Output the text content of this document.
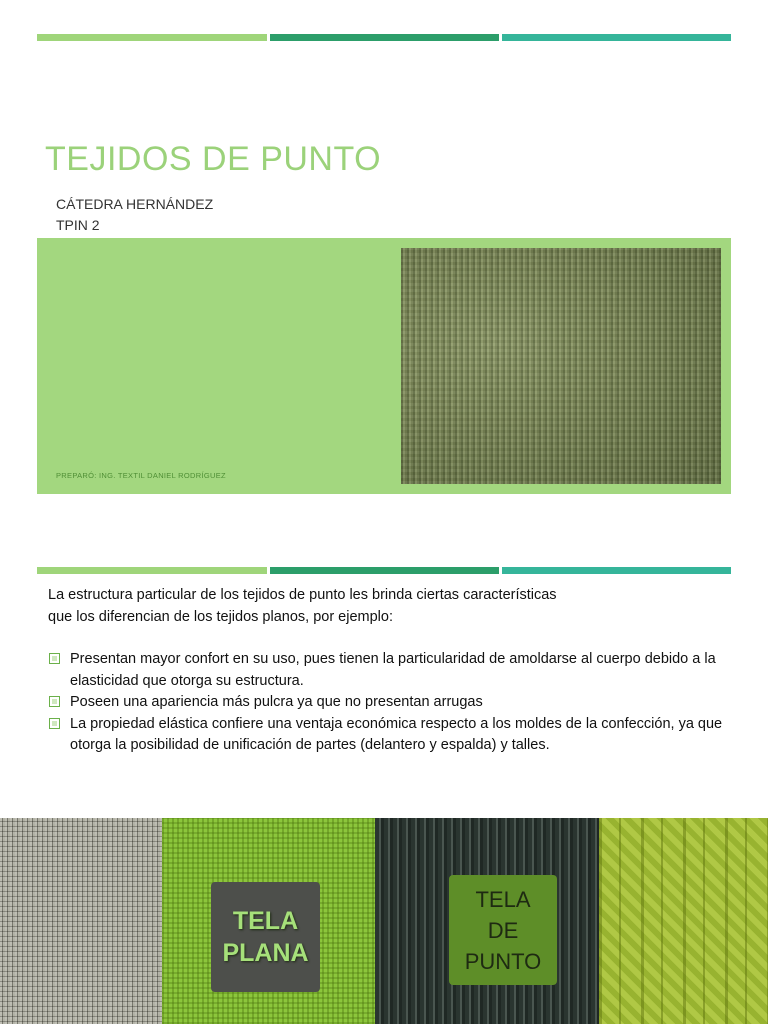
TEJIDOS DE PUNTO
CÁTEDRA HERNÁNDEZ
TPIN 2
PREPARÓ: ING. TEXTIL DANIEL RODRÍGUEZ

La estructura particular de los tejidos de punto les brinda ciertas características

que los diferencian de los tejidos planos, por ejemplo:

Presentan mayor confort en su uso, pues tienen la particularidad de amoldarse al cuerpo debido a la elasticidad que otorga su estructura.
Poseen una apariencia más pulcra ya que no presentan arrugas
La propiedad elástica confiere una ventaja económica respecto a los moldes de la confección, ya que otorga la posibilidad de unificación de partes (delantero y espalda) y talles.
TELA
PLANA
TELA
DE
PUNTO
